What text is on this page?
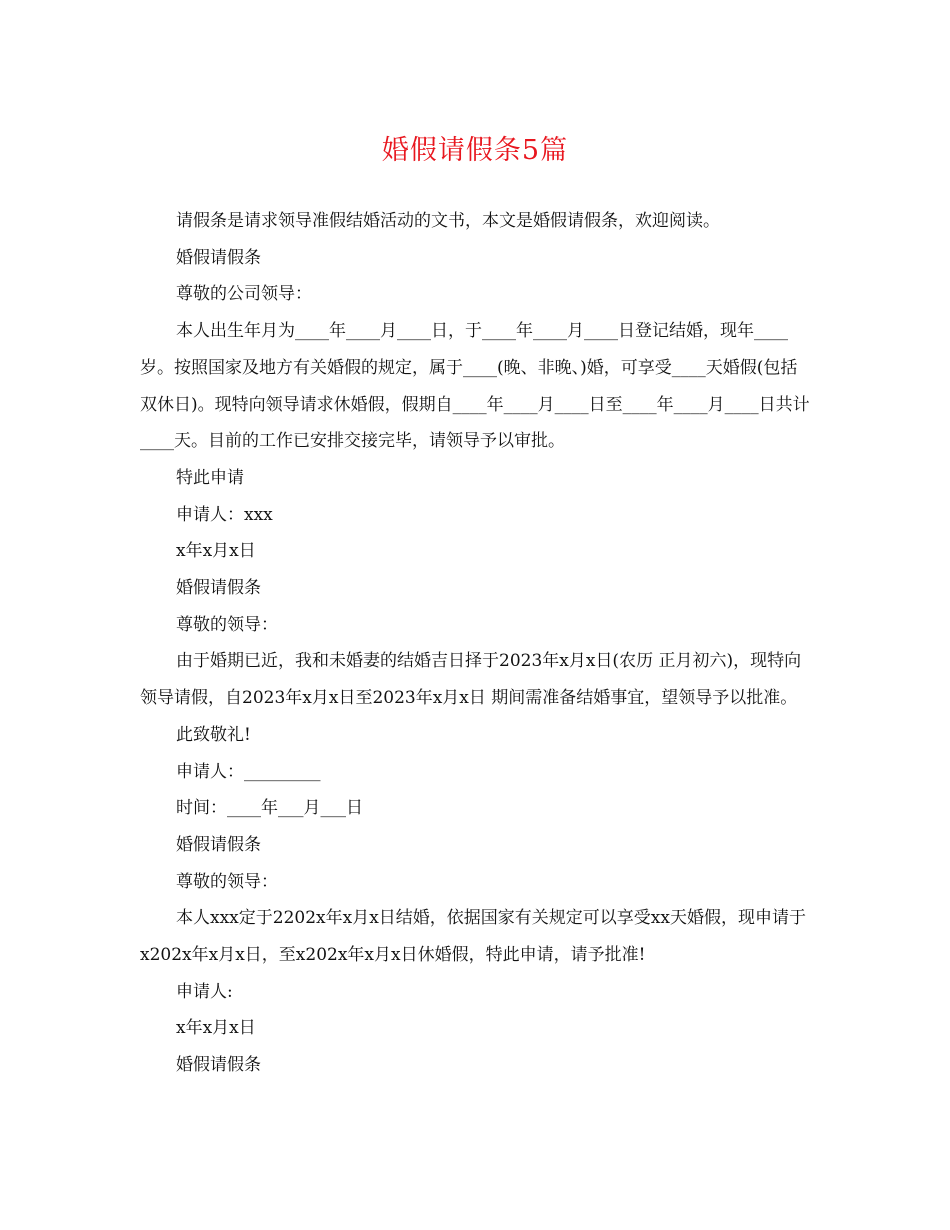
婚假请假条5篇

请假条是请求领导准假结婚活动的文书，本文是婚假请假条，欢迎阅读。

婚假请假条

尊敬的公司领导：

本人出生年月为____年____月____日，于____年____月____日登记结婚，现年____岁。按照国家及地方有关婚假的规定，属于____(晚、非晚、)婚，可享受____天婚假(包括双休日)。现特向领导请求休婚假，假期自____年____月____日至____年____月____日共计____天。目前的工作已安排交接完毕，请领导予以审批。

特此申请

申请人：xxx

x年x月x日

婚假请假条

尊敬的领导：

由于婚期已近，我和未婚妻的结婚吉日择于2023年x月x日(农历 正月初六)，现特向领导请假，自2023年x月x日至2023年x月x日 期间需准备结婚事宜，望领导予以批准。

此致敬礼!

申请人：_________

时间：____年___月___日

婚假请假条

尊敬的领导：

本人xxx定于2202x年x月x日结婚，依据国家有关规定可以享受xx天婚假，现申请于x202x年x月x日，至x202x年x月x日休婚假，特此申请，请予批准!

申请人:

x年x月x日

婚假请假条
